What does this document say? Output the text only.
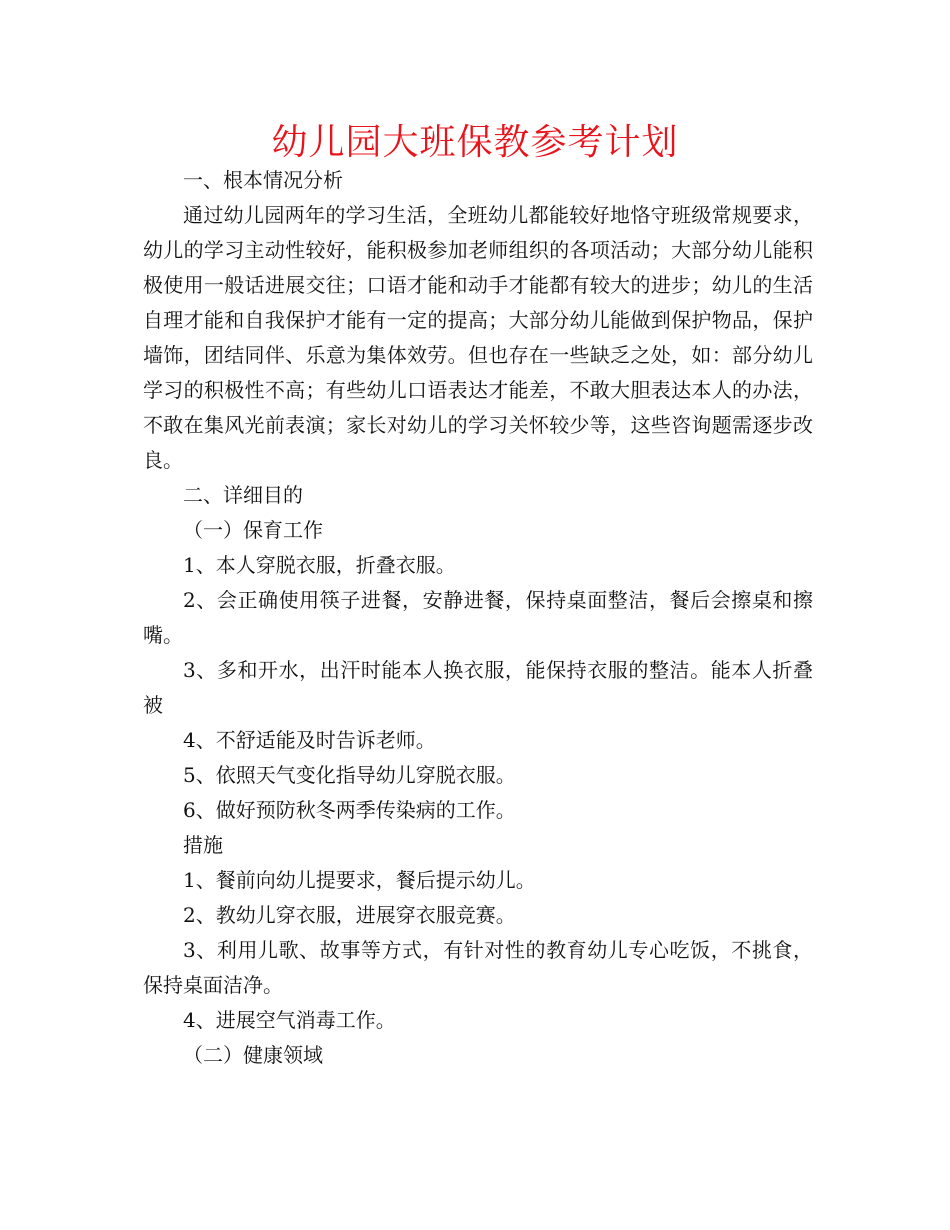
幼儿园大班保教参考计划

一、根本情况分析

通过幼儿园两年的学习生活，全班幼儿都能较好地恪守班级常规要求，幼儿的学习主动性较好，能积极参加老师组织的各项活动；大部分幼儿能积极使用一般话进展交往；口语才能和动手才能都有较大的进步；幼儿的生活自理才能和自我保护才能有一定的提高；大部分幼儿能做到保护物品，保护墙饰，团结同伴、乐意为集体效劳。但也存在一些缺乏之处，如：部分幼儿学习的积极性不高；有些幼儿口语表达才能差，不敢大胆表达本人的办法，不敢在集风光前表演；家长对幼儿的学习关怀较少等，这些咨询题需逐步改良。

二、详细目的

（一）保育工作

1、本人穿脱衣服，折叠衣服。

2、会正确使用筷子进餐，安静进餐，保持桌面整洁，餐后会擦桌和擦嘴。

3、多和开水，出汗时能本人换衣服，能保持衣服的整洁。能本人折叠被

4、不舒适能及时告诉老师。

5、依照天气变化指导幼儿穿脱衣服。

6、做好预防秋冬两季传染病的工作。

措施

1、餐前向幼儿提要求，餐后提示幼儿。

2、教幼儿穿衣服，进展穿衣服竞赛。

3、利用儿歌、故事等方式，有针对性的教育幼儿专心吃饭，不挑食，保持桌面洁净。

4、进展空气消毒工作。

（二）健康领域
